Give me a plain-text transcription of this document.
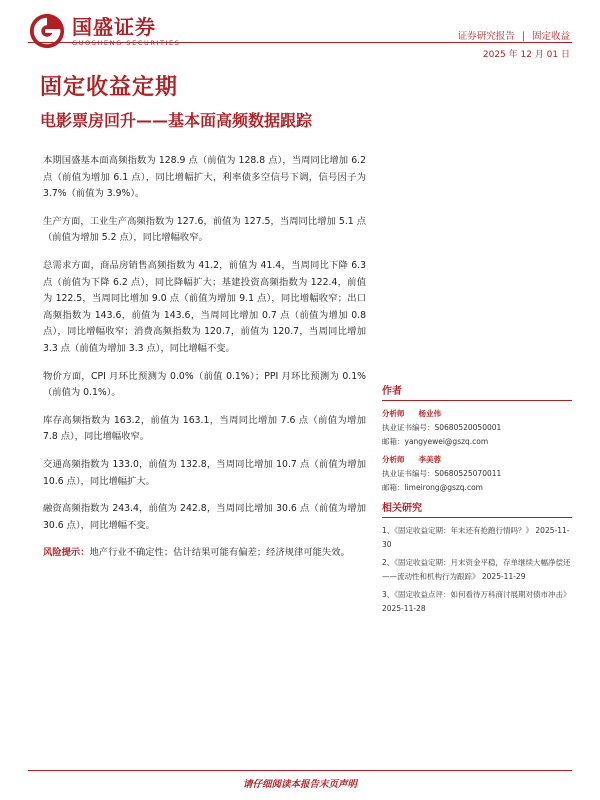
国盛证券	证券研究报告 | 固定收益
2025 年 12 月 01 日
固定收益定期
电影票房回升——基本面高频数据跟踪

本期国盛基本面高频指数为 128.9 点（前值为 128.8 点），当周同比增加 6.2 点（前值为增加 6.1 点），同比增幅扩大，利率债多空信号下调，信号因子为 3.7%（前值为 3.9%）。

生产方面，工业生产高频指数为 127.6，前值为 127.5，当周同比增加 5.1 点（前值为增加 5.2 点），同比增幅收窄。

总需求方面，商品房销售高频指数为 41.2，前值为 41.4，当周同比下降 6.3 点（前值为下降 6.2 点），同比降幅扩大；基建投资高频指数为 122.4，前值为 122.5，当周同比增加 9.0 点（前值为增加 9.1 点），同比增幅收窄；出口高频指数为 143.6，前值为 143.6，当周同比增加 0.7 点（前值为增加 0.8 点），同比增幅收窄；消费高频指数为 120.7，前值为 120.7，当周同比增加 3.3 点（前值为增加 3.3 点），同比增幅不变。

物价方面，CPI 月环比预测为 0.0%（前值 0.1%）；PPI 月环比预测为 0.1%（前值为 0.1%）。

库存高频指数为 163.2，前值为 163.1，当周同比增加 7.6 点（前值为增加 7.8 点），同比增幅收窄。

交通高频指数为 133.0，前值为 132.8，当周同比增加 10.7 点（前值为增加 10.6 点），同比增幅扩大。

融资高频指数为 243.4，前值为 242.8，当周同比增加 30.6 点（前值为增加 30.6 点），同比增幅不变。

风险提示：地产行业不确定性；估计结果可能有偏差；经济规律可能失效。

作者
分析师 杨业伟
执业证书编号：S0680520050001
邮箱：yangyewei@gszq.com
分析师 李美蓉
执业证书编号：S0680525070011
邮箱：limeirong@gszq.com
相关研究
1、《固定收益定期：年末还有抢跑行情吗？》 2025-11-30
2、《固定收益定期：月末资金平稳，存单继续大幅净偿还——流动性和机构行为跟踪》 2025-11-29
3、《固定收益点评：如何看待万科商讨展期对债市冲击》 2025-11-28
请仔细阅读本报告末页声明
